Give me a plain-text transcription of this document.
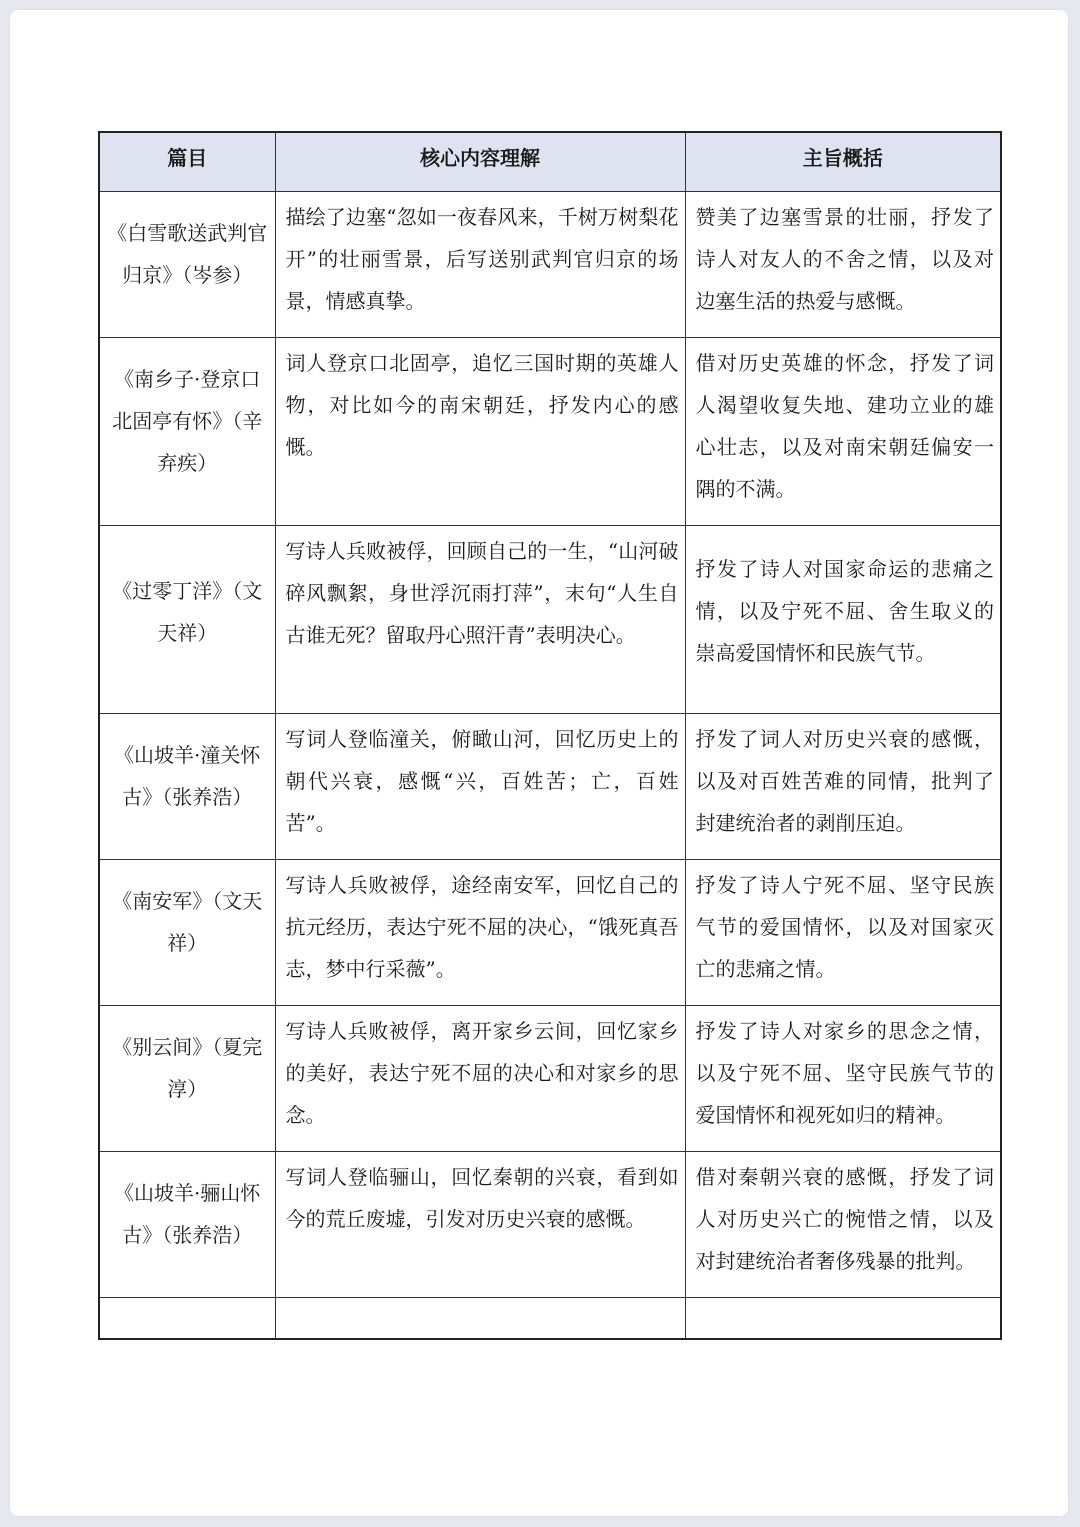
篇目	核心内容理解	主旨概括
《白雪歌送武判官归京》（岑参）	描绘了边塞“忽如一夜春风来，千树万树梨花开”的壮丽雪景，后写送别武判官归京的场景，情感真挚。	赞美了边塞雪景的壮丽，抒发了诗人对友人的不舍之情，以及对边塞生活的热爱与感慨。
《南乡子·登京口北固亭有怀》（辛弃疾）	词人登京口北固亭，追忆三国时期的英雄人物，对比如今的南宋朝廷，抒发内心的感慨。	借对历史英雄的怀念，抒发了词人渴望收复失地、建功立业的雄心壮志，以及对南宋朝廷偏安一隅的不满。
《过零丁洋》（文天祥）	写诗人兵败被俘，回顾自己的一生，“山河破碎风飘絮，身世浮沉雨打萍”，末句“人生自古谁无死？留取丹心照汗青”表明决心。	抒发了诗人对国家命运的悲痛之情，以及宁死不屈、舍生取义的崇高爱国情怀和民族气节。
《山坡羊·潼关怀古》（张养浩）	写词人登临潼关，俯瞰山河，回忆历史上的朝代兴衰，感慨“兴，百姓苦；亡，百姓苦”。	抒发了词人对历史兴衰的感慨，以及对百姓苦难的同情，批判了封建统治者的剥削压迫。
《南安军》（文天祥）	写诗人兵败被俘，途经南安军，回忆自己的抗元经历，表达宁死不屈的决心，“饿死真吾志，梦中行采薇”。	抒发了诗人宁死不屈、坚守民族气节的爱国情怀，以及对国家灭亡的悲痛之情。
《别云间》（夏完淳）	写诗人兵败被俘，离开家乡云间，回忆家乡的美好，表达宁死不屈的决心和对家乡的思念。	抒发了诗人对家乡的思念之情，以及宁死不屈、坚守民族气节的爱国情怀和视死如归的精神。
《山坡羊·骊山怀古》（张养浩）	写词人登临骊山，回忆秦朝的兴衰，看到如今的荒丘废墟，引发对历史兴衰的感慨。	借对秦朝兴衰的感慨，抒发了词人对历史兴亡的惋惜之情，以及对封建统治者奢侈残暴的批判。
